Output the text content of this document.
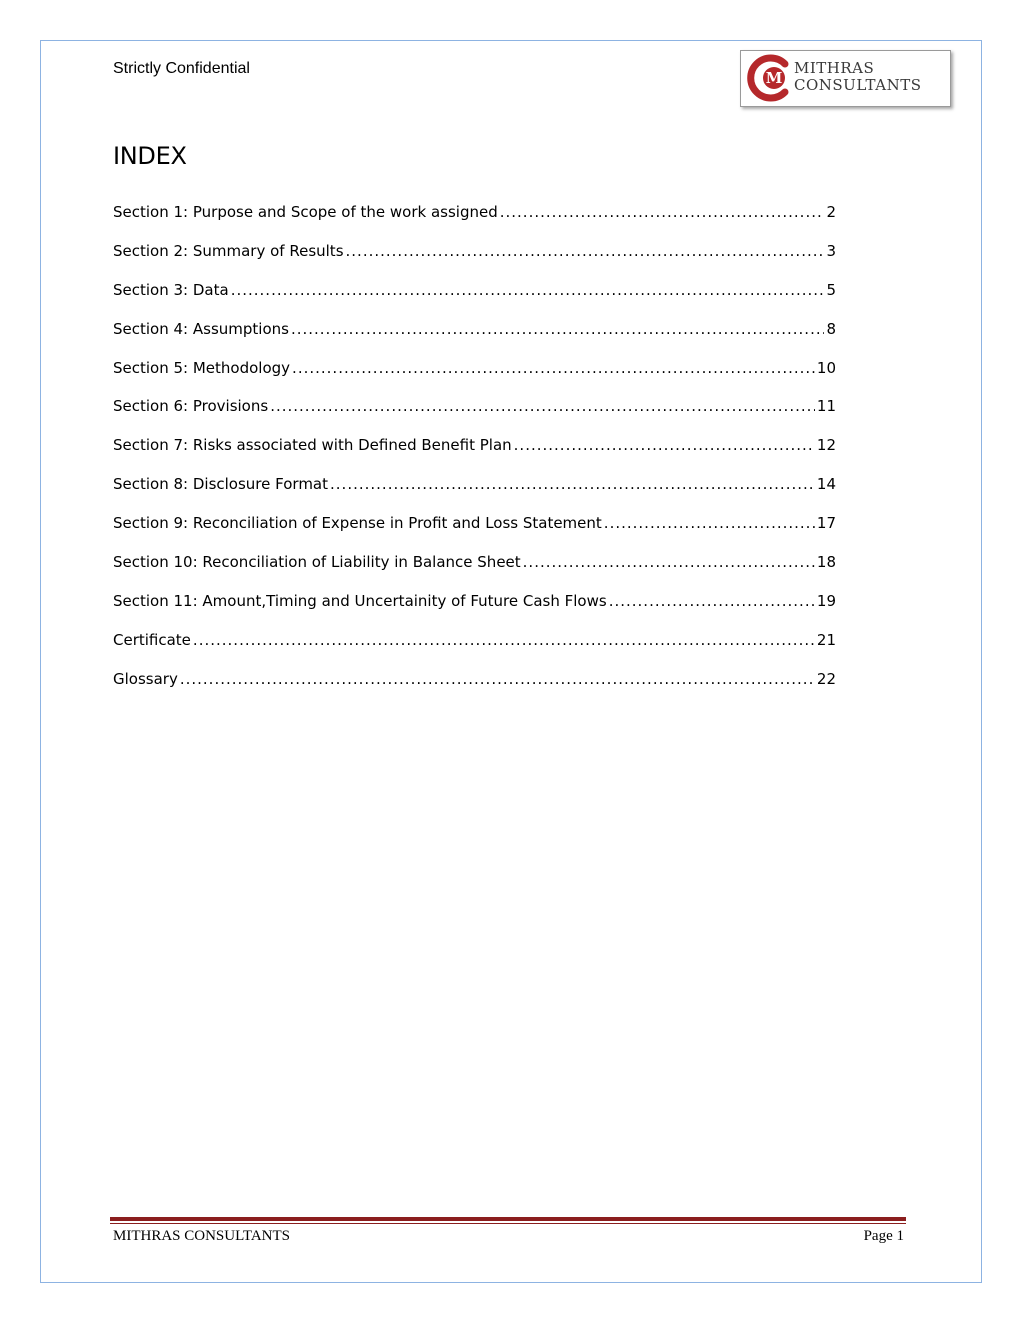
Strictly Confidential
M
MITHRAS
CONSULTANTS
INDEX
Section 1: Purpose and Scope of the work assigned .....	2
Section 2: Summary of Results .....	3
Section 3: Data .....	5
Section 4: Assumptions .....	8
Section 5: Methodology .....	10
Section 6: Provisions .....	11
Section 7: Risks associated with Defined Benefit Plan .....	12
Section 8: Disclosure Format .....	14
Section 9: Reconciliation of Expense in Profit and Loss Statement .....	17
Section 10: Reconciliation of Liability in Balance Sheet .....	18
Section 11: Amount,Timing and Uncertainity of Future Cash Flows .....	19
Certificate .....	21
Glossary .....	22
MITHRAS CONSULTANTS	Page 1
